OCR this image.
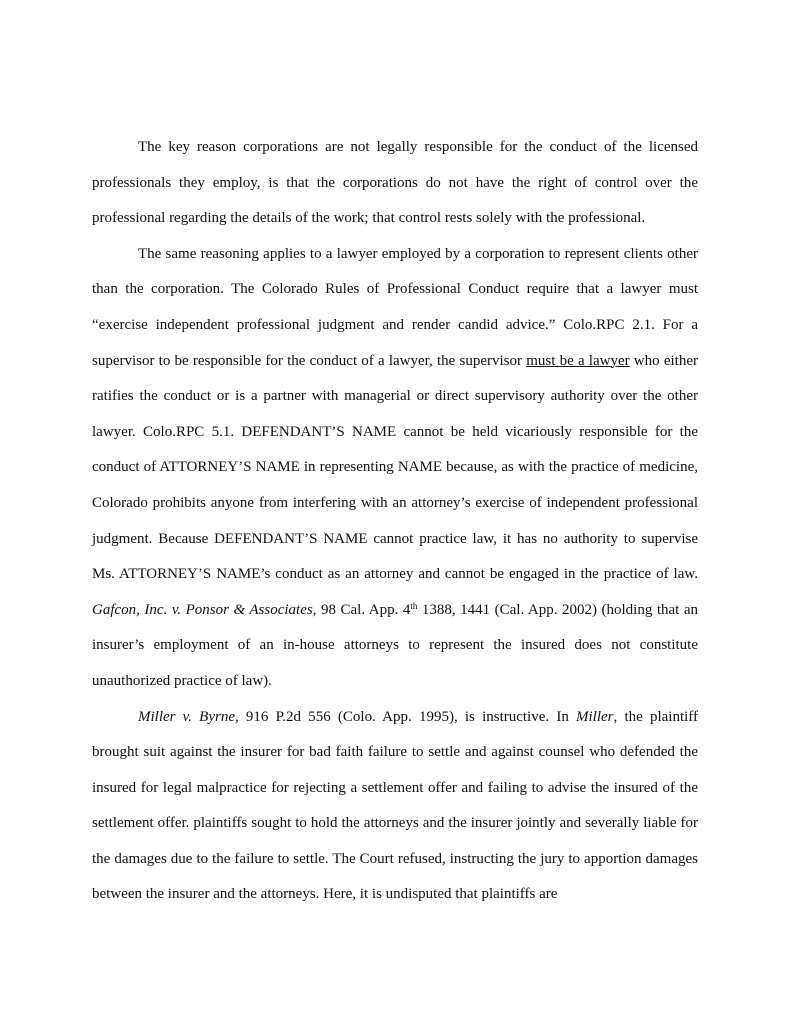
The key reason corporations are not legally responsible for the conduct of the licensed professionals they employ, is that the corporations do not have the right of control over the professional regarding the details of the work; that control rests solely with the professional.

The same reasoning applies to a lawyer employed by a corporation to represent clients other than the corporation. The Colorado Rules of Professional Conduct require that a lawyer must “exercise independent professional judgment and render candid advice.” Colo.RPC 2.1. For a supervisor to be responsible for the conduct of a lawyer, the supervisor must be a lawyer who either ratifies the conduct or is a partner with managerial or direct supervisory authority over the other lawyer. Colo.RPC 5.1. DEFENDANT’S NAME cannot be held vicariously responsible for the conduct of ATTORNEY’S NAME in representing NAME because, as with the practice of medicine, Colorado prohibits anyone from interfering with an attorney’s exercise of independent professional judgment. Because DEFENDANT’S NAME cannot practice law, it has no authority to supervise Ms. ATTORNEY’S NAME’s conduct as an attorney and cannot be engaged in the practice of law. Gafcon, Inc. v. Ponsor & Associates, 98 Cal. App. 4th 1388, 1441 (Cal. App. 2002) (holding that an insurer’s employment of an in-house attorneys to represent the insured does not constitute unauthorized practice of law).

Miller v. Byrne, 916 P.2d 556 (Colo. App. 1995), is instructive. In Miller, the plaintiff brought suit against the insurer for bad faith failure to settle and against counsel who defended the insured for legal malpractice for rejecting a settlement offer and failing to advise the insured of the settlement offer. plaintiffs sought to hold the attorneys and the insurer jointly and severally liable for the damages due to the failure to settle. The Court refused, instructing the jury to apportion damages between the insurer and the attorneys. Here, it is undisputed that plaintiffs are
